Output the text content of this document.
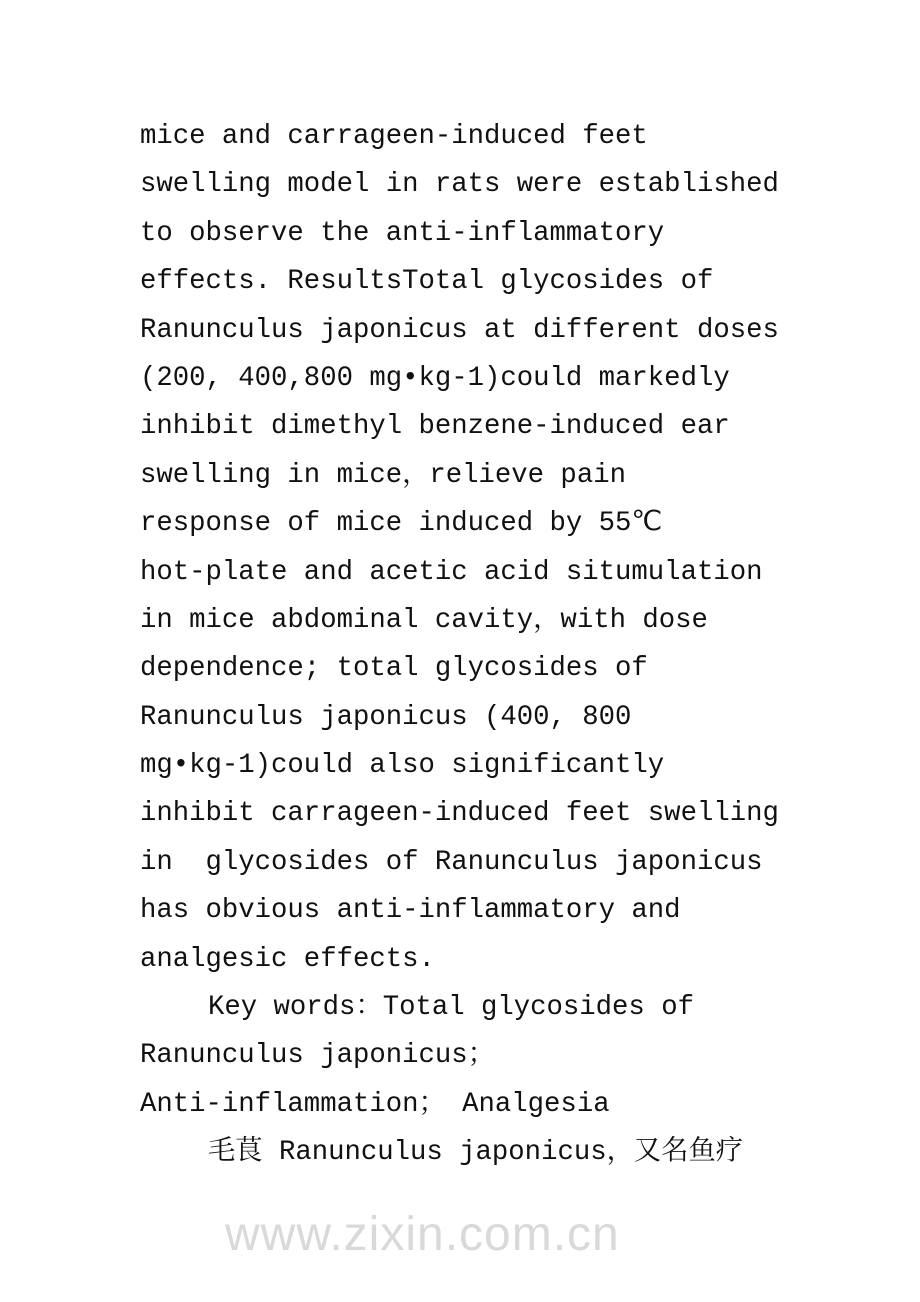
mice and carrageen-induced feet
swelling model in rats were established
to observe the anti-inflammatory
effects. ResultsTotal glycosides of
Ranunculus japonicus at different doses
(200, 400,800 mg•kg-1)could markedly
inhibit dimethyl benzene-induced ear
swelling in mice，relieve pain
response of mice induced by 55℃
hot-plate and acetic acid situmulation
in mice abdominal cavity，with dose
dependence; total glycosides of
Ranunculus japonicus (400, 800
mg•kg-1)could also significantly
inhibit carrageen-induced feet swelling
in  glycosides of Ranunculus japonicus
has obvious anti-inflammatory and
analgesic effects.
Key words：Total glycosides of
Ranunculus japonicus；
Anti-inflammation； Analgesia
毛茛 Ranunculus japonicus，又名鱼疗
www.zixin.com.cn
